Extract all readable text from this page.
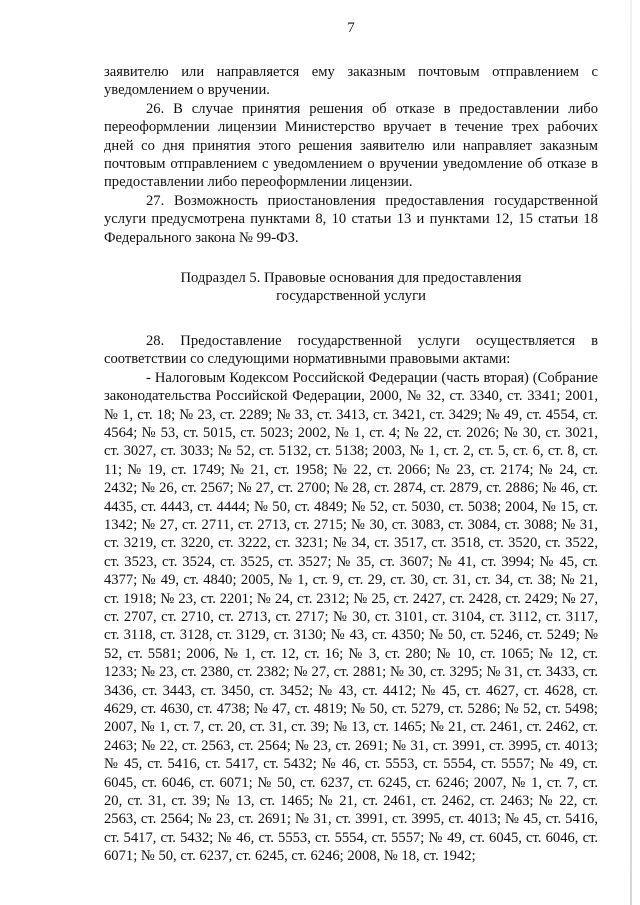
7

заявителю или направляется ему заказным почтовым отправлением с уведомлением о вручении.

26. В случае принятия решения об отказе в предоставлении либо переоформлении лицензии Министерство вручает в течение трех рабочих дней со дня принятия этого решения заявителю или направляет заказным почтовым отправлением с уведомлением о вручении уведомление об отказе в предоставлении либо переоформлении лицензии.

27. Возможность приостановления предоставления государственной услуги предусмотрена пунктами 8, 10 статьи 13 и пунктами 12, 15 статьи 18 Федерального закона № 99-ФЗ.

Подраздел 5. Правовые основания для предоставления
государственной услуги

28. Предоставление государственной услуги осуществляется в соответствии со следующими нормативными правовыми актами:

- Налоговым Кодексом Российской Федерации (часть вторая) (Собрание законодательства Российской Федерации, 2000, № 32, ст. 3340, ст. 3341; 2001, № 1, ст. 18; № 23, ст. 2289; № 33, ст. 3413, ст. 3421, ст. 3429; № 49, ст. 4554, ст. 4564; № 53, ст. 5015, ст. 5023; 2002, № 1, ст. 4; № 22, ст. 2026; № 30, ст. 3021, ст. 3027, ст. 3033; № 52, ст. 5132, ст. 5138; 2003, № 1, ст. 2, ст. 5, ст. 6, ст. 8, ст. 11; № 19, ст. 1749; № 21, ст. 1958; № 22, ст. 2066; № 23, ст. 2174; № 24, ст. 2432; № 26, ст. 2567; № 27, ст. 2700; № 28, ст. 2874, ст. 2879, ст. 2886; № 46, ст. 4435, ст. 4443, ст. 4444; № 50, ст. 4849; № 52, ст. 5030, ст. 5038; 2004, № 15, ст. 1342; № 27, ст. 2711, ст. 2713, ст. 2715; № 30, ст. 3083, ст. 3084, ст. 3088; № 31, ст. 3219, ст. 3220, ст. 3222, ст. 3231; № 34, ст. 3517, ст. 3518, ст. 3520, ст. 3522, ст. 3523, ст. 3524, ст. 3525, ст. 3527; № 35, ст. 3607; № 41, ст. 3994; № 45, ст. 4377; № 49, ст. 4840; 2005, № 1, ст. 9, ст. 29, ст. 30, ст. 31, ст. 34, ст. 38; № 21, ст. 1918; № 23, ст. 2201; № 24, ст. 2312; № 25, ст. 2427, ст. 2428, ст. 2429; № 27, ст. 2707, ст. 2710, ст. 2713, ст. 2717; № 30, ст. 3101, ст. 3104, ст. 3112, ст. 3117, ст. 3118, ст. 3128, ст. 3129, ст. 3130; № 43, ст. 4350; № 50, ст. 5246, ст. 5249; № 52, ст. 5581; 2006, № 1, ст. 12, ст. 16; № 3, ст. 280; № 10, ст. 1065; № 12, ст. 1233; № 23, ст. 2380, ст. 2382; № 27, ст. 2881; № 30, ст. 3295; № 31, ст. 3433, ст. 3436, ст. 3443, ст. 3450, ст. 3452; № 43, ст. 4412; № 45, ст. 4627, ст. 4628, ст. 4629, ст. 4630, ст. 4738; № 47, ст. 4819; № 50, ст. 5279, ст. 5286; № 52, ст. 5498; 2007, № 1, ст. 7, ст. 20, ст. 31, ст. 39; № 13, ст. 1465; № 21, ст. 2461, ст. 2462, ст. 2463; № 22, ст. 2563, ст. 2564; № 23, ст. 2691; № 31, ст. 3991, ст. 3995, ст. 4013; № 45, ст. 5416, ст. 5417, ст. 5432; № 46, ст. 5553, ст. 5554, ст. 5557; № 49, ст. 6045, ст. 6046, ст. 6071; № 50, ст. 6237, ст. 6245, ст. 6246; 2007, № 1, ст. 7, ст. 20, ст. 31, ст. 39; № 13, ст. 1465; № 21, ст. 2461, ст. 2462, ст. 2463; № 22, ст. 2563, ст. 2564; № 23, ст. 2691; № 31, ст. 3991, ст. 3995, ст. 4013; № 45, ст. 5416, ст. 5417, ст. 5432; № 46, ст. 5553, ст. 5554, ст. 5557; № 49, ст. 6045, ст. 6046, ст. 6071; № 50, ст. 6237, ст. 6245, ст. 6246; 2008, № 18, ст. 1942;
